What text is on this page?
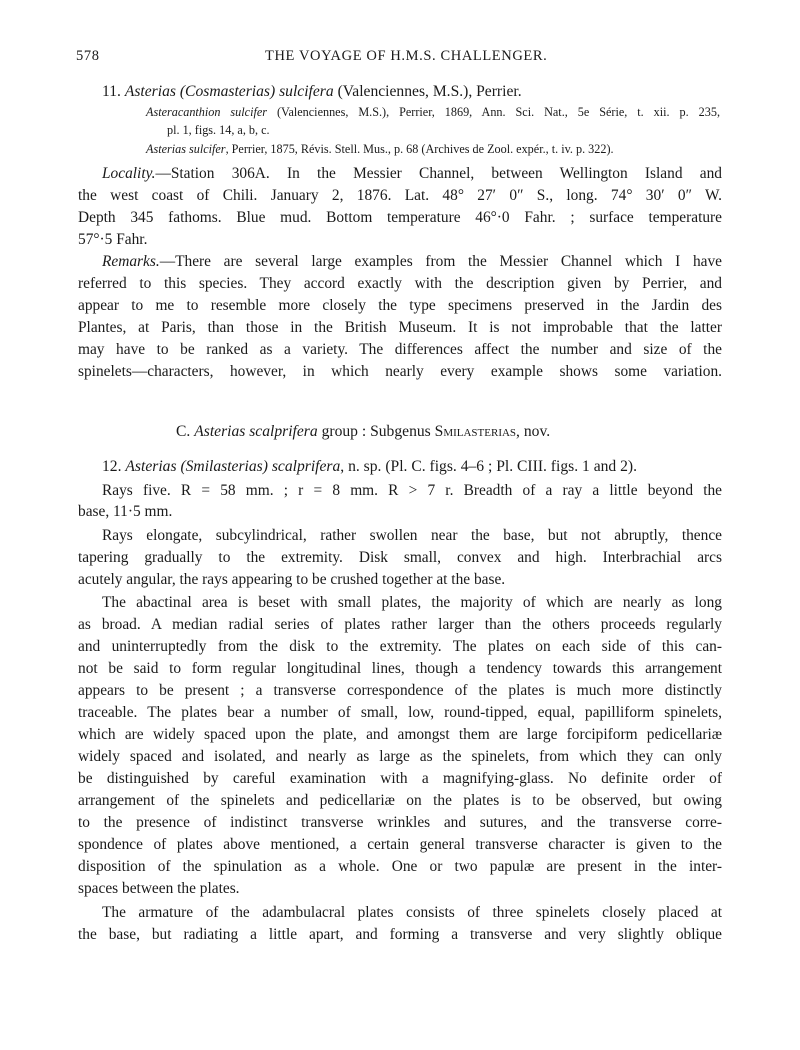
578	THE VOYAGE OF H.M.S. CHALLENGER.
11. Asterias (Cosmasterias) sulcifera (Valenciennes, M.S.), Perrier.
Asteracanthion sulcifer (Valenciennes, M.S.), Perrier, 1869, Ann. Sci. Nat., 5e Série, t. xii. p. 235,
pl. 1, figs. 14, a, b, c.
Asterias sulcifer, Perrier, 1875, Révis. Stell. Mus., p. 68 (Archives de Zool. expér., t. iv. p. 322).
Locality.—Station 306A. In the Messier Channel, between Wellington Island and
the west coast of Chili. January 2, 1876. Lat. 48° 27′ 0″ S., long. 74° 30′ 0″ W.
Depth 345 fathoms. Blue mud. Bottom temperature 46°·0 Fahr. ; surface temperature
57°·5 Fahr.
Remarks.—There are several large examples from the Messier Channel which I have
referred to this species. They accord exactly with the description given by Perrier, and
appear to me to resemble more closely the type specimens preserved in the Jardin des
Plantes, at Paris, than those in the British Museum. It is not improbable that the latter
may have to be ranked as a variety. The differences affect the number and size of the
spinelets—characters, however, in which nearly every example shows some variation.
C. Asterias scalprifera group : Subgenus Smilasterias, nov.
12. Asterias (Smilasterias) scalprifera, n. sp. (Pl. C. figs. 4–6 ; Pl. CIII. figs. 1 and 2).
Rays five. R = 58 mm. ; r = 8 mm. R > 7 r. Breadth of a ray a little beyond the
base, 11·5 mm.
Rays elongate, subcylindrical, rather swollen near the base, but not abruptly, thence
tapering gradually to the extremity. Disk small, convex and high. Interbrachial arcs
acutely angular, the rays appearing to be crushed together at the base.
The abactinal area is beset with small plates, the majority of which are nearly as long
as broad. A median radial series of plates rather larger than the others proceeds regularly
and uninterruptedly from the disk to the extremity. The plates on each side of this can-
not be said to form regular longitudinal lines, though a tendency towards this arrangement
appears to be present ; a transverse correspondence of the plates is much more distinctly
traceable. The plates bear a number of small, low, round-tipped, equal, papilliform spinelets,
which are widely spaced upon the plate, and amongst them are large forcipiform pedicellariæ
widely spaced and isolated, and nearly as large as the spinelets, from which they can only
be distinguished by careful examination with a magnifying-glass. No definite order of
arrangement of the spinelets and pedicellariæ on the plates is to be observed, but owing
to the presence of indistinct transverse wrinkles and sutures, and the transverse corre-
spondence of plates above mentioned, a certain general transverse character is given to the
disposition of the spinulation as a whole. One or two papulæ are present in the inter-
spaces between the plates.
The armature of the adambulacral plates consists of three spinelets closely placed at
the base, but radiating a little apart, and forming a transverse and very slightly oblique
